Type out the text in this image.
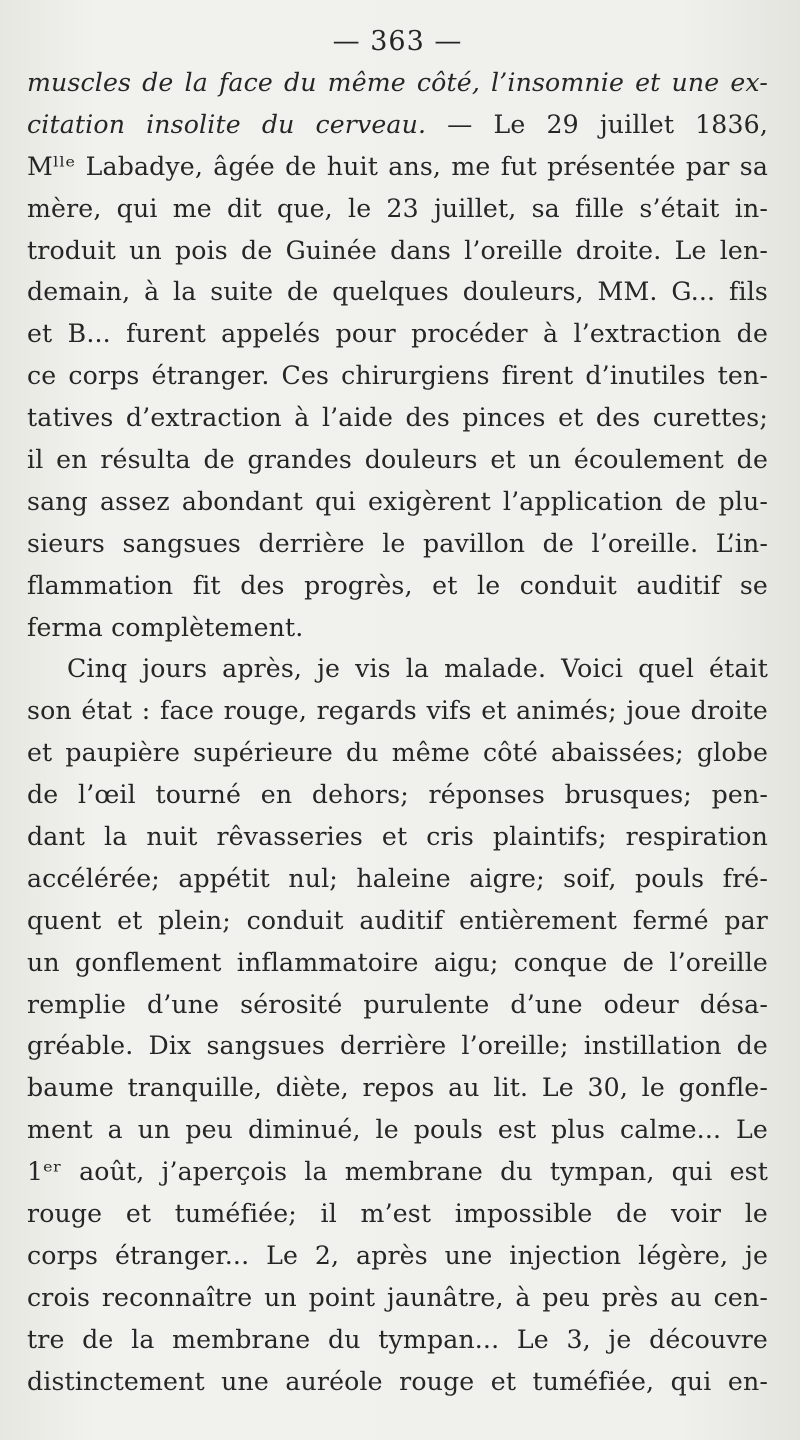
— 363 —
muscles de la face du même côté, l’insomnie et une ex-
citation insolite du cerveau. — Le 29 juillet 1836,
Mˡˡᵉ Labadye, âgée de huit ans, me fut présentée par sa
mère, qui me dit que, le 23 juillet, sa fille s’était in-
troduit un pois de Guinée dans l’oreille droite. Le len-
demain, à la suite de quelques douleurs, MM. G... fils
et B... furent appelés pour procéder à l’extraction de
ce corps étranger. Ces chirurgiens firent d’inutiles ten-
tatives d’extraction à l’aide des pinces et des curettes;
il en résulta de grandes douleurs et un écoulement de
sang assez abondant qui exigèrent l’application de plu-
sieurs sangsues derrière le pavillon de l’oreille. L’in-
flammation fit des progrès, et le conduit auditif se
ferma complètement.
Cinq jours après, je vis la malade. Voici quel était
son état : face rouge, regards vifs et animés; joue droite
et paupière supérieure du même côté abaissées; globe
de l’œil tourné en dehors; réponses brusques; pen-
dant la nuit rêvasseries et cris plaintifs; respiration
accélérée; appétit nul; haleine aigre; soif, pouls fré-
quent et plein; conduit auditif entièrement fermé par
un gonflement inflammatoire aigu; conque de l’oreille
remplie d’une sérosité purulente d’une odeur désa-
gréable. Dix sangsues derrière l’oreille; instillation de
baume tranquille, diète, repos au lit. Le 30, le gonfle-
ment a un peu diminué, le pouls est plus calme... Le
1ᵉʳ août, j’aperçois la membrane du tympan, qui est
rouge et tuméfiée; il m’est impossible de voir le
corps étranger... Le 2, après une injection légère, je
crois reconnaître un point jaunâtre, à peu près au cen-
tre de la membrane du tympan... Le 3, je découvre
distinctement une auréole rouge et tuméfiée, qui en-
